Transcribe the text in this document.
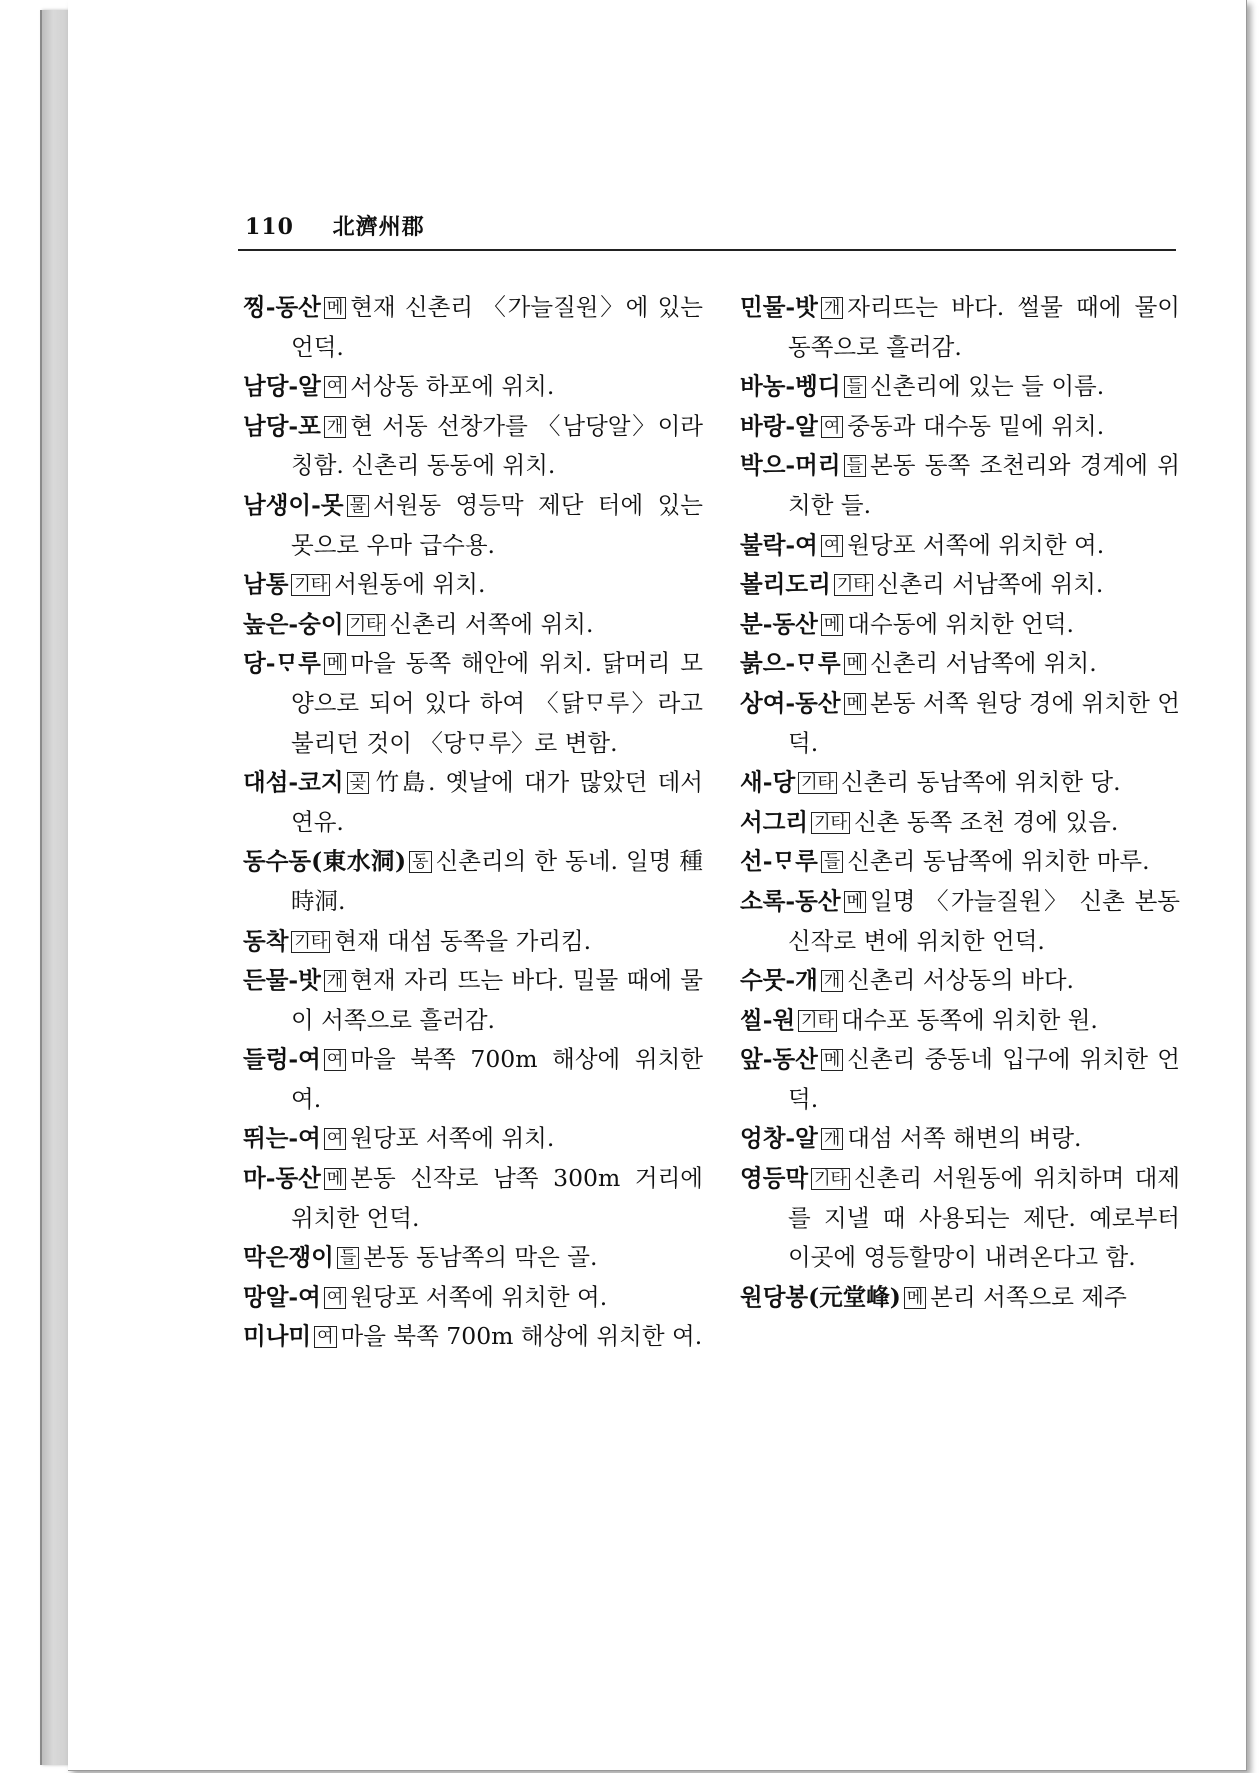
110 北濟州郡
찡-동산 메 현재 신촌리 〈가늘질원〉에 있는 언덕.
남당-알 여 서상동 하포에 위치.
남당-포 개 현 서동 선창가를 〈남당알〉이라 칭함. 신촌리 동동에 위치.
남생이-못 물 서원동 영등막 제단 터에 있는 못으로 우마 급수용.
남통 기타 서원동에 위치.
높은-숭이 기타 신촌리 서쪽에 위치.
당-ᄆᆞ루 메 마을 동쪽 해안에 위치. 닭머리 모양으로 되어 있다 하여 〈닭ᄆᆞ루〉라고 불리던 것이 〈당ᄆᆞ루〉로 변함.
대섬-코지 곶 竹島. 옛날에 대가 많았던 데서 연유.
동수동(東水洞) 동 신촌리의 한 동네. 일명 種時洞.
동착 기타 현재 대섬 동쪽을 가리킴.
든물-밧 개 현재 자리 뜨는 바다. 밀물 때에 물이 서쪽으로 흘러감.
들렁-여 여 마을 북쪽 700m 해상에 위치한 여.
뛰는-여 여 원당포 서쪽에 위치.
마-동산 메 본동 신작로 남쪽 300m 거리에 위치한 언덕.
막은쟁이 들 본동 동남쪽의 막은 골.
망알-여 여 원당포 서쪽에 위치한 여.
미나미 여 마을 북쪽 700m 해상에 위치한 여.
민물-밧 개 자리뜨는 바다. 썰물 때에 물이 동쪽으로 흘러감.
바농-벵디 들 신촌리에 있는 들 이름.
바랑-알 여 중동과 대수동 밑에 위치.
박으-머리 들 본동 동쪽 조천리와 경계에 위치한 들.
불락-여 여 원당포 서쪽에 위치한 여.
볼리도리 기타 신촌리 서남쪽에 위치.
분-동산 메 대수동에 위치한 언덕.
붉으-ᄆᆞ루 메 신촌리 서남쪽에 위치.
상여-동산 메 본동 서쪽 원당 경에 위치한 언덕.
새-당 기타 신촌리 동남쪽에 위치한 당.
서그리 기타 신촌 동쪽 조천 경에 있음.
선-ᄆᆞ루 들 신촌리 동남쪽에 위치한 마루.
소록-동산 메 일명 〈가늘질원〉 신촌 본동 신작로 변에 위치한 언덕.
수뭇-개 개 신촌리 서상동의 바다.
씰-원 기타 대수포 동쪽에 위치한 원.
앞-동산 메 신촌리 중동네 입구에 위치한 언덕.
엉창-알 개 대섬 서쪽 해변의 벼랑.
영등막 기타 신촌리 서원동에 위치하며 대제를 지낼 때 사용되는 제단. 예로부터 이곳에 영등할망이 내려온다고 함.
원당봉(元堂峰) 메 본리 서쪽으로 제주
